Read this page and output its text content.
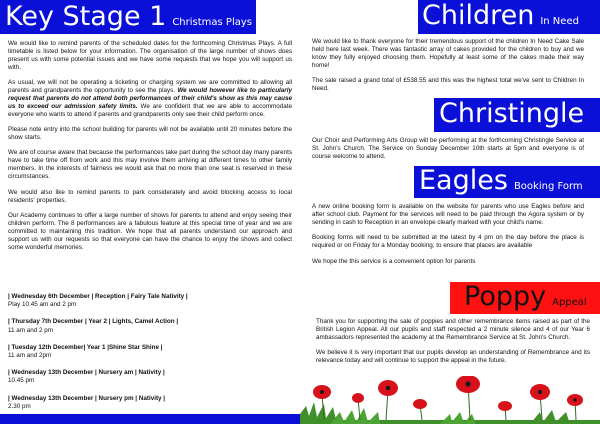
Key Stage 1 Christmas Plays

We would like to remind parents of the scheduled dates for the forthcoming Christmas Plays. A full timetable is listed below for your information. The organisation of the large number of shows does present us with some potential issues and we have some requests that we hope you will support us with.

As usual, we will not be operating a ticketing or charging system we are committed to allowing all parents and grandparents the opportunity to see the plays. We would however like to particularly request that parents do not attend both performances of their child's show as this may cause us to exceed our admission safety limits. We are confident that we are able to accommodate everyone who wants to attend if parents and grandparents only see their child perform once.

Please note entry into the school building for parents will not be available until 20 minutes before the show starts.

We are of course aware that because the performances take part during the school day many parents have to take time off from work and this may involve them arriving at different times to other family members. In the interests of fairness we would ask that no more than one seat is reserved in these circumstances.

We would also like to remind parents to park considerately and avoid blocking access to local residents' properties.

Our Academy continues to offer a large number of shows for parents to attend and enjoy seeing their children perform. The 8 performances are a fabulous feature at this special time of year and we are committed to maintaining this tradition. We hope that all parents understand our approach and support us with our requests so that everyone can have the chance to enjoy the shows and collect some wonderful memories.

| Wednesday 6th December | Reception | Fairy Tale Nativity |
Play 10.45 am and 2 pm
| Thursday 7th December | Year 2 | Lights, Camel Action |
11 am and 2 pm
| Tuesday 12th December| Year 1 |Shine Star Shine |
11 am and 2pm
| Wednesday 13th December | Nursery am | Nativity |
10.45 pm
| Wednesday 13th December | Nursery pm | Nativity |
2.30 pm
Children In Need

We would like to thank everyone for their tremendous support of the children In Need Cake Sale held here last week. There was fantastic array of cakes provided for the children to buy and we know they fully enjoyed choosing them. Hopefully at least some of the cakes made their way home!

The sale raised a grand total of £538.55 and this was the highest total we've sent to Children In Need.

Christingle

Our Choir and Performing Arts Group will be performing at the forthcoming Christingle Service at St. John's Church. The Service on Sunday December 10th starts at 5pm and everyone is of course welcome to attend.

Eagles Booking Form

A new online booking form is available on the website for parents who use Eagles before and after school club. Payment for the services will need to be paid through the Agora system or by sending in cash to Reception in an envelope clearly marked with your child's name.

Booking forms will need to be submitted at the latest by 4 pm on the day before the place is required or on Friday for a Monday booking, to ensure that places are available

We hope the this service is a convenient option for parents

Poppy Appeal

Thank you for supporting the sale of poppies and other remembrance items raised as part of the British Legion Appeal. All our pupils and staff respected a 2 minute silence and 4 of our Year 6 ambassadors represented the academy at the Remembrance Service at St. John's Church.

We believe it is very important that our pupils develop an understanding of Remembrance and its relevance today and will continue to support the appeal in the future.
